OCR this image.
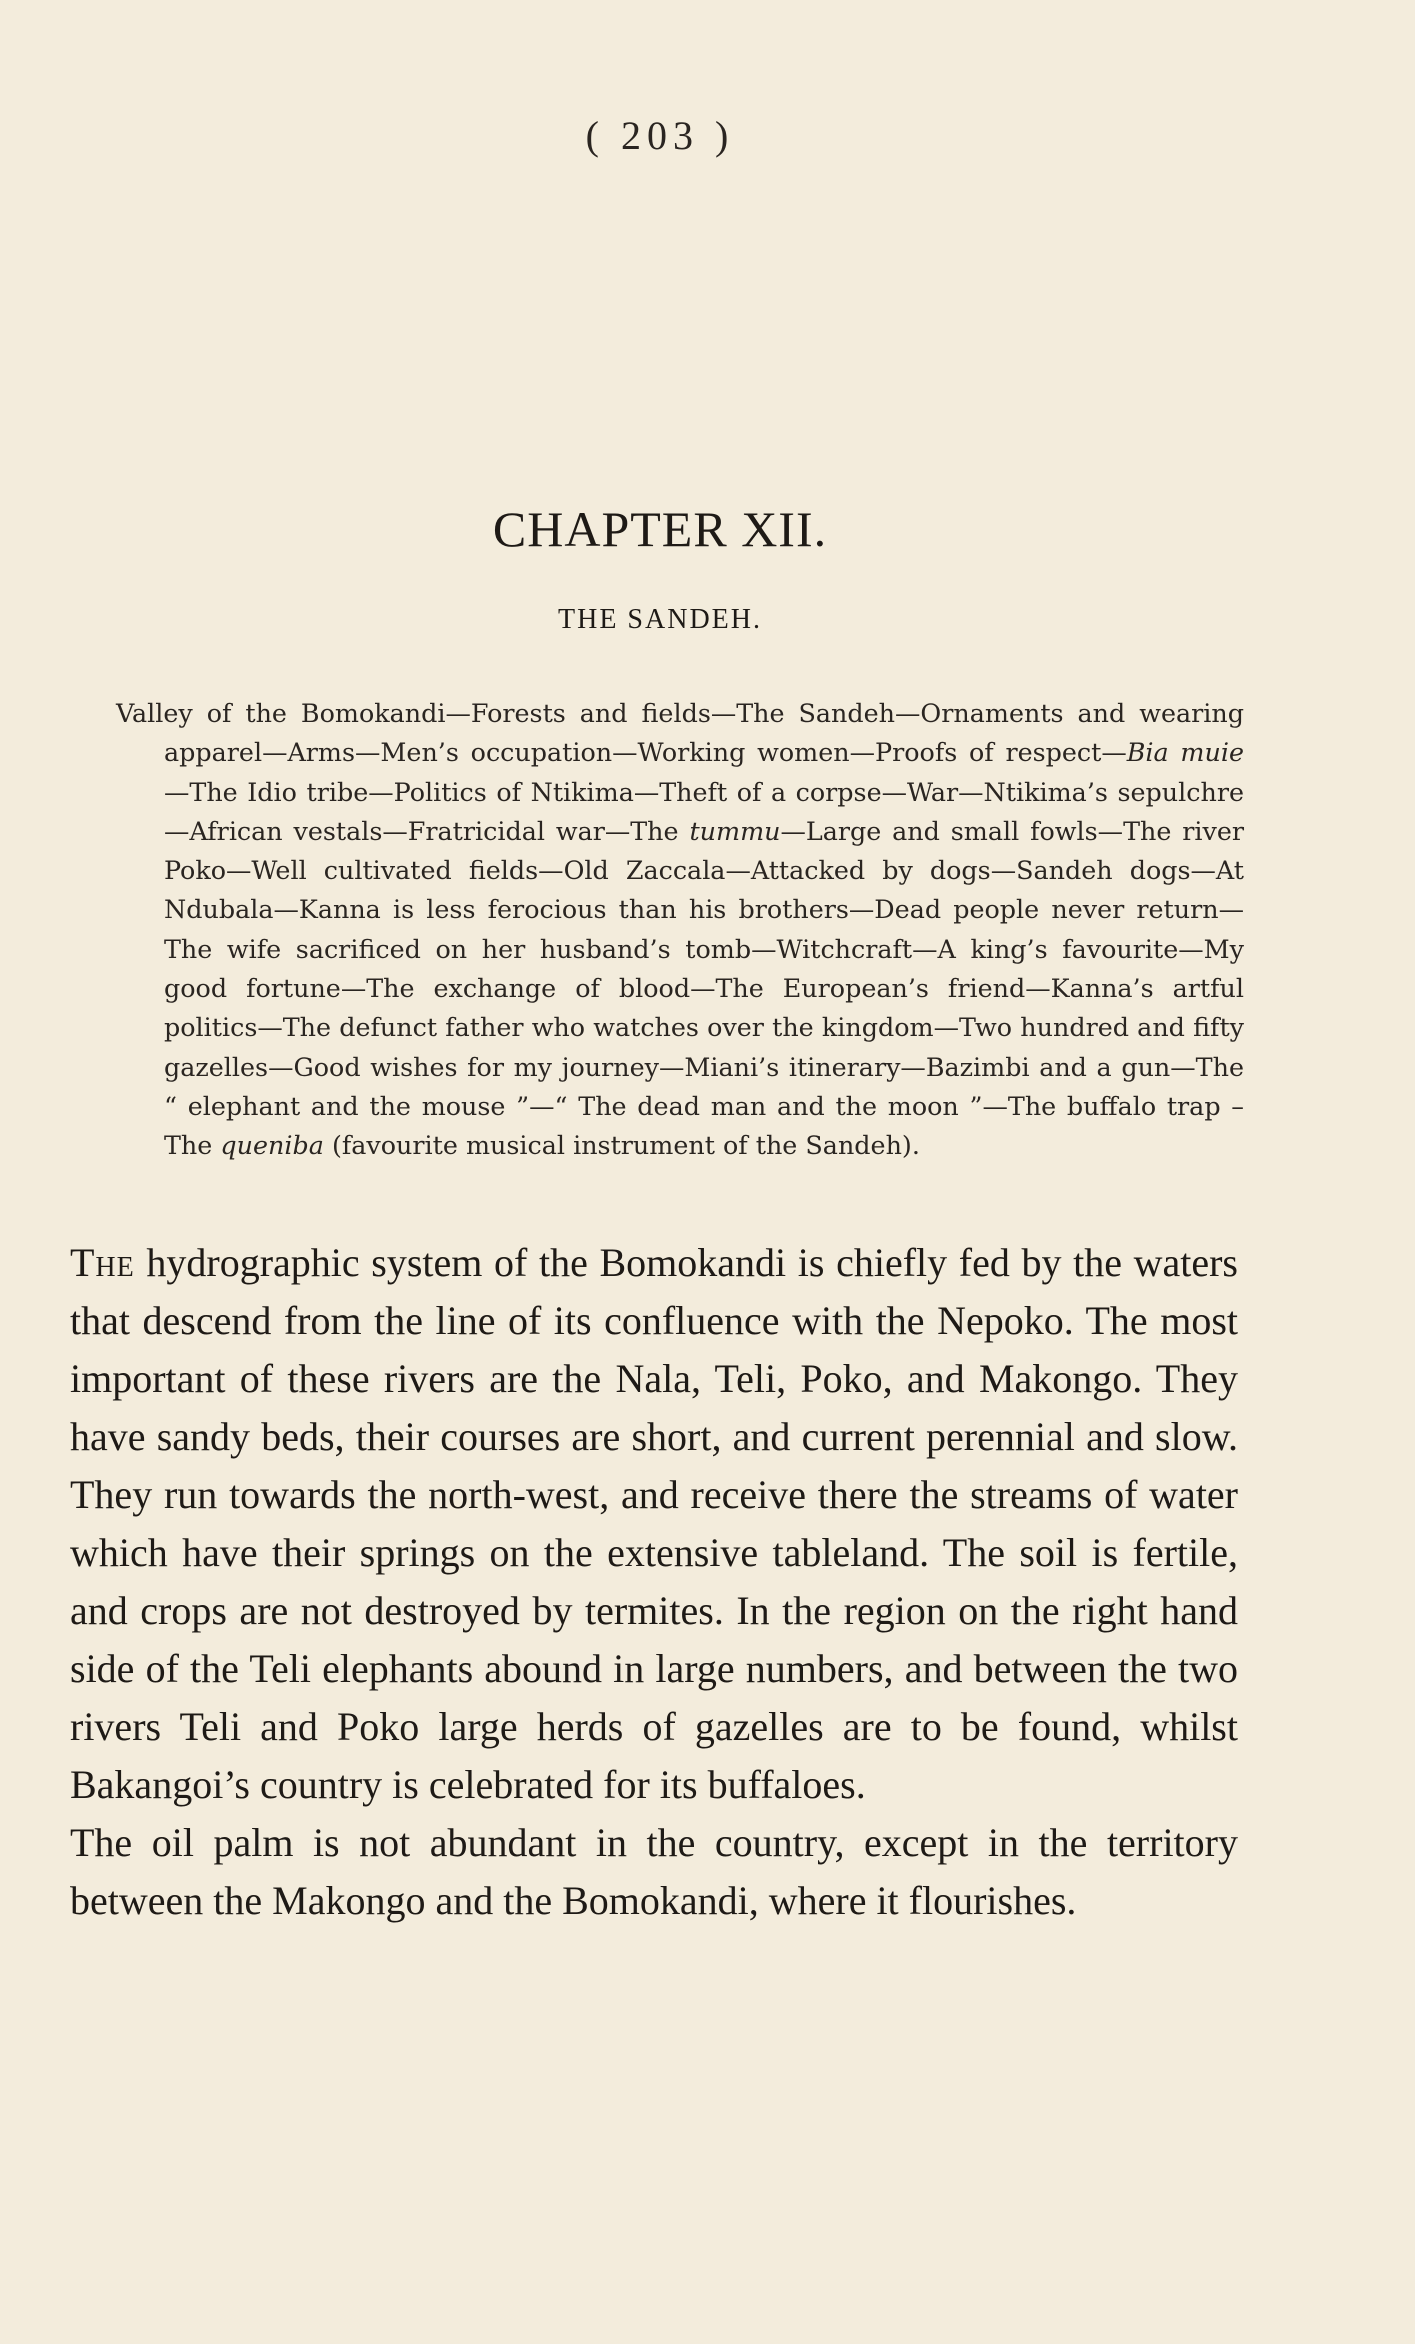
( 203 )
CHAPTER XII.
THE SANDEH.
Valley of the Bomokandi—Forests and fields—The Sandeh—Ornaments and wearing apparel—Arms—Men’s occupation—Working women—Proofs of respect—Bia muie—The Idio tribe—Politics of Ntikima—Theft of a corpse—War—Ntikima’s sepulchre—African vestals—Fratricidal war—The tummu—Large and small fowls—The river Poko—Well cultivated fields—Old Zaccala—Attacked by dogs—Sandeh dogs—At Ndubala—Kanna is less ferocious than his brothers—Dead people never return—The wife sacrificed on her husband’s tomb—Witchcraft—A king’s favourite—My good fortune—The exchange of blood—The European’s friend—Kanna’s artful politics—The defunct father who watches over the kingdom—Two hundred and fifty gazelles—Good wishes for my journey—Miani’s itinerary—Bazimbi and a gun—The “ elephant and the mouse ”—“ The dead man and the moon ”—The buffalo trap – The queniba (favourite musical instrument of the Sandeh).

The hydrographic system of the Bomokandi is chiefly fed by the waters that descend from the line of its confluence with the Nepoko. The most important of these rivers are the Nala, Teli, Poko, and Makongo. They have sandy beds, their courses are short, and current perennial and slow. They run towards the north-west, and receive there the streams of water which have their springs on the extensive tableland. The soil is fertile, and crops are not destroyed by termites. In the region on the right hand side of the Teli elephants abound in large numbers, and between the two rivers Teli and Poko large herds of gazelles are to be found, whilst Bakangoi’s country is celebrated for its buffaloes.

The oil palm is not abundant in the country, except in the territory between the Makongo and the Bomokandi, where it flourishes.
